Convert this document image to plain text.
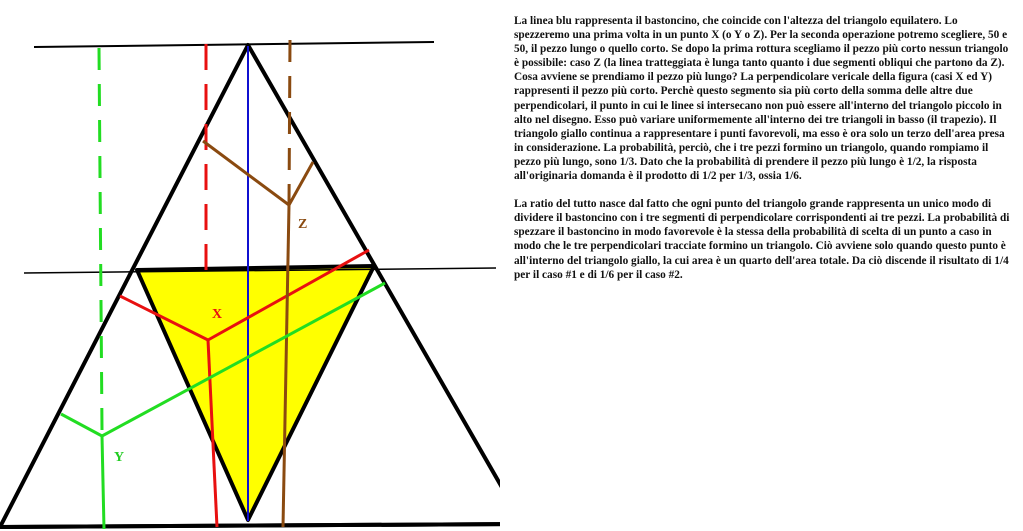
X
Z
Y

La linea blu rappresenta il bastoncino, che coincide con l'altezza del triangolo equilatero. Lo spezzeremo una prima volta in un punto X (o Y o Z). Per la seconda operazione potremo scegliere, 50 e 50, il pezzo lungo o quello corto. Se dopo la prima rottura scegliamo il pezzo più corto nessun triangolo è possibile: caso Z (la linea tratteggiata è lunga tanto quanto i due segmenti obliqui che partono da Z). Cosa avviene se prendiamo il pezzo più lungo? La perpendicolare vericale della figura (casi X ed Y) rappresenti il pezzo più corto. Perchè questo segmento sia più corto della somma delle altre due perpendicolari, il punto in cui le linee si intersecano non può essere all'interno del triangolo piccolo in alto nel disegno. Esso può variare uniformemente all'interno dei tre triangoli in basso (il trapezio). Il triangolo giallo continua a rappresentare i punti favorevoli, ma esso è ora solo un terzo dell'area presa in considerazione. La probabilità, perciò, che i tre pezzi formino un triangolo, quando rompiamo il pezzo più lungo, sono 1/3. Dato che la probabilità di prendere il pezzo più lungo è 1/2, la risposta all'originaria domanda è il prodotto di 1/2 per 1/3, ossia 1/6.

La ratio del tutto nasce dal fatto che ogni punto del triangolo grande rappresenta un unico modo di dividere il bastoncino con i tre segmenti di perpendicolare corrispondenti ai tre pezzi. La probabilità di spezzare il bastoncino in modo favorevole è la stessa della probabilità di scelta di un punto a caso in modo che le tre perpendicolari tracciate formino un triangolo. Ciò avviene solo quando questo punto è all'interno del triangolo giallo, la cui area è un quarto dell'area totale. Da ciò discende il risultato di 1/4 per il caso #1 e di 1/6 per il caso #2.
